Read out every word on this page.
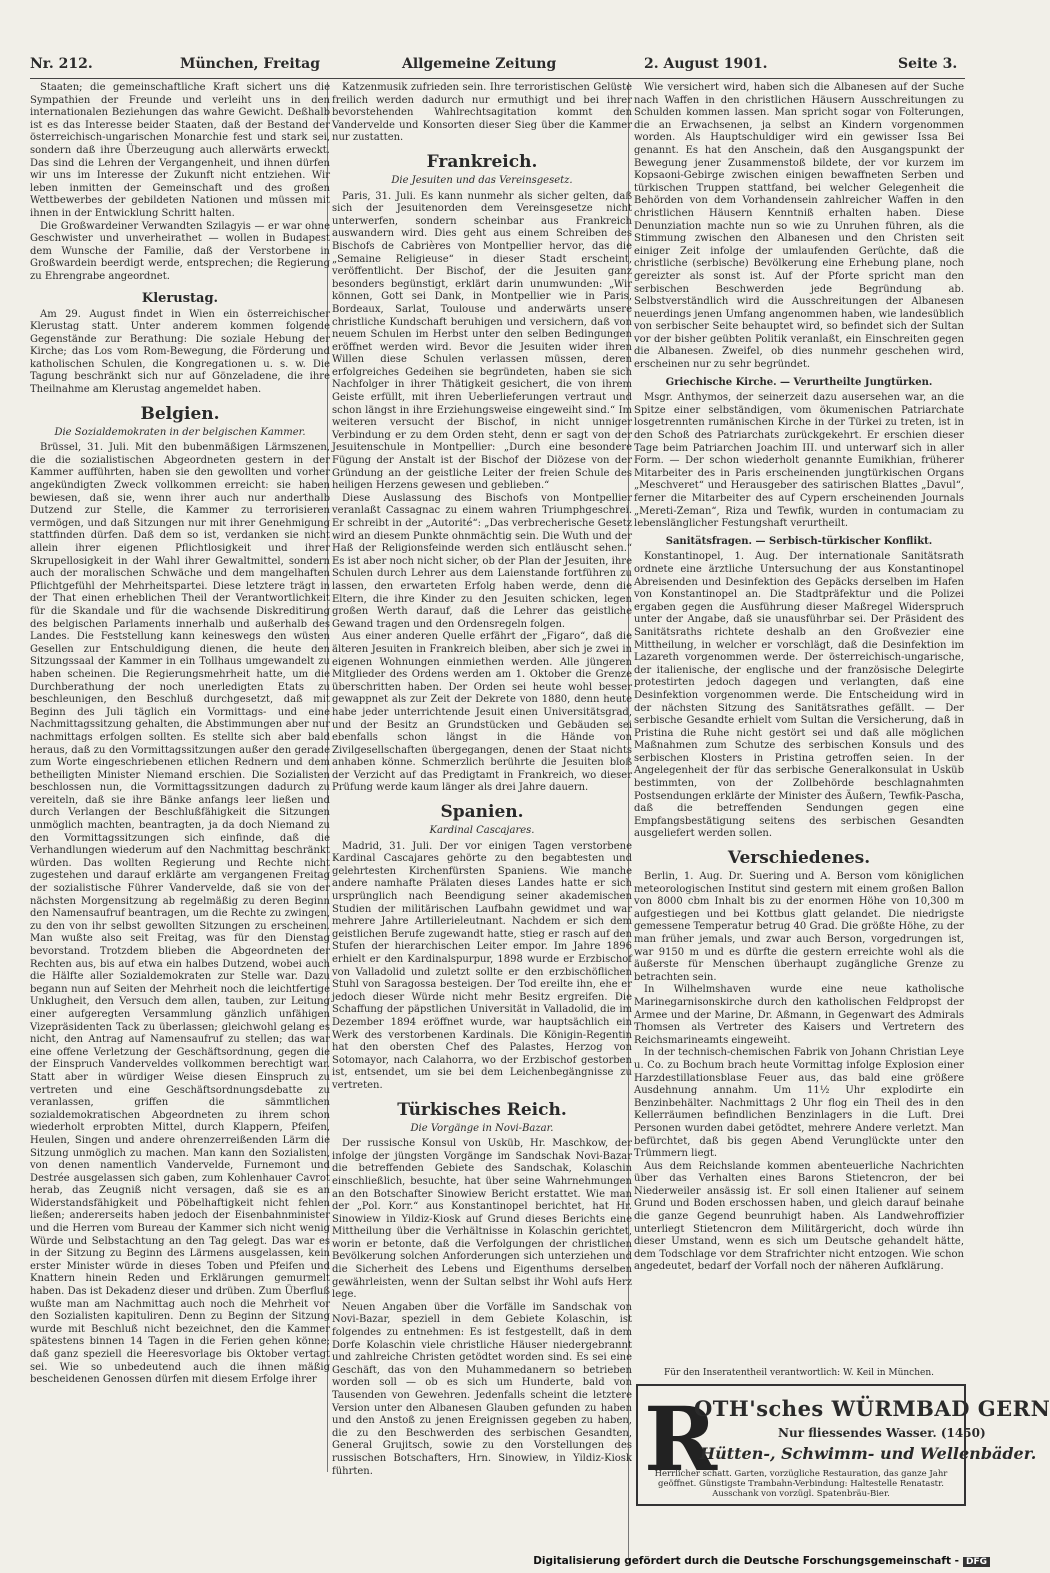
Nr. 212.	München, Freitag	Allgemeine Zeitung	2. August 1901.	Seite 3.

Staaten; die gemeinschaftliche Kraft sichert uns die Sympathien der Freunde und verleiht uns in den internationalen Beziehungen das wahre Gewicht. Deßhalb ist es das Interesse beider Staaten, daß der Bestand der österreichisch-ungarischen Monarchie fest und stark sei, sondern daß ihre Überzeugung auch allerwärts erweckt. Das sind die Lehren der Vergangenheit, und ihnen dürfen wir uns im Interesse der Zukunft nicht entziehen. Wir leben inmitten der Gemeinschaft und des großen Wettbewerbes der gebildeten Nationen und müssen mit ihnen in der Entwicklung Schritt halten.

Die Großwardeiner Verwandten Szilagyis — er war ohne Geschwister und unverheirathet — wollen in Budapest dem Wunsche der Familie, daß der Verstorbene in Großwardein beerdigt werde, entsprechen; die Regierung zu Ehrengrabe angeordnet.

Klerustag.

Am 29. August findet in Wien ein österreichischer Klerustag statt. Unter anderem kommen folgende Gegenstände zur Berathung: Die soziale Hebung der Kirche; das Los vom Rom-Bewegung, die Förderung und katholischen Schulen, die Kongregationen u. s. w. Die Tagung beschränkt sich nur auf Gönzeladene, die ihre Theilnahme am Klerustag angemeldet haben.

Belgien.
Die Sozialdemokraten in der belgischen Kammer.

Brüssel, 31. Juli. Mit den bubenmäßigen Lärmszenen, die die sozialistischen Abgeordneten gestern in der Kammer aufführten, haben sie den gewollten und vorher angekündigten Zweck vollkommen erreicht: sie haben bewiesen, daß sie, wenn ihrer auch nur anderthalb Dutzend zur Stelle, die Kammer zu terrorisieren vermögen, und daß Sitzungen nur mit ihrer Genehmigung stattfinden dürfen. Daß dem so ist, verdanken sie nicht allein ihrer eigenen Pflichtlosigkeit und ihrer Skrupellosigkeit in der Wahl ihrer Gewaltmittel, sondern auch der moralischen Schwäche und dem mangelhaften Pflichtgefühl der Mehrheitspartei. Diese letztere trägt in der That einen erheblichen Theil der Verantwortlichkeit für die Skandale und für die wachsende Diskreditirung des belgischen Parlaments innerhalb und außerhalb des Landes. Die Feststellung kann keineswegs den wüsten Gesellen zur Entschuldigung dienen, die heute den Sitzungssaal der Kammer in ein Tollhaus umgewandelt zu haben scheinen. Die Regierungsmehrheit hatte, um die Durchberathung der noch unerledigten Etats zu beschleunigen, den Beschluß durchgesetzt, daß mit Beginn des Juli täglich ein Vormittags- und eine Nachmittagssitzung gehalten, die Abstimmungen aber nur nachmittags erfolgen sollten. Es stellte sich aber bald heraus, daß zu den Vormittagssitzungen außer den gerade zum Worte eingeschriebenen etlichen Rednern und dem betheiligten Minister Niemand erschien. Die Sozialisten beschlossen nun, die Vormittagssitzungen dadurch zu vereiteln, daß sie ihre Bänke anfangs leer ließen und durch Verlangen der Beschlußfähigkeit die Sitzungen unmöglich machten, beantragten, ja da doch Niemand zu den Vormittagssitzungen sich einfinde, daß die Verhandlungen wiederum auf den Nachmittag beschränkt würden. Das wollten Regierung und Rechte nicht zugestehen und darauf erklärte am vergangenen Freitag der sozialistische Führer Vandervelde, daß sie von der nächsten Morgensitzung ab regelmäßig zu deren Beginn den Namensaufruf beantragen, um die Rechte zu zwingen, zu den von ihr selbst gewollten Sitzungen zu erscheinen. Man wußte also seit Freitag, was für den Dienstag bevorstand. Trotzdem blieben die Abgeordneten der Rechten aus, bis auf etwa ein halbes Dutzend, wobei auch die Hälfte aller Sozialdemokraten zur Stelle war. Dazu begann nun auf Seiten der Mehrheit noch die leichtfertige Unklugheit, den Versuch dem allen, tauben, zur Leitung einer aufgeregten Versammlung gänzlich unfähigen Vizepräsidenten Tack zu überlassen; gleichwohl gelang es nicht, den Antrag auf Namensaufruf zu stellen; das war eine offene Verletzung der Geschäftsordnung, gegen die der Einspruch Vanderveldes vollkommen berechtigt war. Statt aber in würdiger Weise diesen Einspruch zu vertreten und eine Geschäftsordnungsdebatte zu veranlassen, griffen die sämmtlichen sozialdemokratischen Abgeordneten zu ihrem schon wiederholt erprobten Mittel, durch Klappern, Pfeifen, Heulen, Singen und andere ohrenzerreißenden Lärm die Sitzung unmöglich zu machen. Man kann den Sozialisten, von denen namentlich Vandervelde, Furnemont und Destrée ausgelassen sich gaben, zum Kohlenhauer Cavrot herab, das Zeugniß nicht versagen, daß sie es an Widerstandsfähigkeit und Pöbelhaftigkeit nicht fehlen ließen; andererseits haben jedoch der Eisenbahnminister und die Herren vom Bureau der Kammer sich nicht wenig Würde und Selbstachtung an den Tag gelegt. Das war es in der Sitzung zu Beginn des Lärmens ausgelassen, kein erster Minister würde in dieses Toben und Pfeifen und Knattern hinein Reden und Erklärungen gemurmelt haben. Das ist Dekadenz dieser und drüben. Zum Überfluß wußte man am Nachmittag auch noch die Mehrheit vor den Sozialisten kapituliren. Denn zu Beginn der Sitzung wurde mit Beschluß nicht bezeichnet, den die Kammer spätestens binnen 14 Tagen in die Ferien gehen könne; daß ganz speziell die Heeresvorlage bis Oktober vertagt sei. Wie so unbedeutend auch die ihnen mäßig bescheidenen Genossen dürfen mit diesem Erfolge ihrer

Katzenmusik zufrieden sein. Ihre terroristischen Gelüste freilich werden dadurch nur ermuthigt und bei ihrer bevorstehenden Wahlrechtsagitation kommt den Vandervelde und Konsorten dieser Sieg über die Kammer nur zustatten.

Frankreich.
Die Jesuiten und das Vereinsgesetz.

Paris, 31. Juli. Es kann nunmehr als sicher gelten, daß sich der Jesuitenorden dem Vereinsgesetze nicht unterwerfen, sondern scheinbar aus Frankreich auswandern wird. Dies geht aus einem Schreiben des Bischofs de Cabrières von Montpellier hervor, das die „Semaine Religieuse“ in dieser Stadt erscheint, veröffentlicht. Der Bischof, der die Jesuiten ganz besonders begünstigt, erklärt darin unumwunden: „Wir können, Gott sei Dank, in Montpellier wie in Paris, Bordeaux, Sarlat, Toulouse und anderwärts unsere christliche Kundschaft beruhigen und versichern, daß von neuem Schulen im Herbst unter den selben Bedingungen eröffnet werden wird. Bevor die Jesuiten wider ihren Willen diese Schulen verlassen müssen, deren erfolgreiches Gedeihen sie begründeten, haben sie sich Nachfolger in ihrer Thätigkeit gesichert, die von ihrem Geiste erfüllt, mit ihren Ueberlieferungen vertraut und schon längst in ihre Erziehungsweise eingeweiht sind.“ Im weiteren versucht der Bischof, in nicht unniger Verbindung er zu dem Orden steht, denn er sagt von der Jesuitenschule in Montpellier: „Durch eine besondere Fügung der Anstalt ist der Bischof der Diözese von der Gründung an der geistliche Leiter der freien Schule des heiligen Herzens gewesen und geblieben.“

Diese Auslassung des Bischofs von Montpellier veranlaßt Cassagnac zu einem wahren Triumphgeschrei. Er schreibt in der „Autorité“: „Das verbrecherische Gesetz wird an diesem Punkte ohnmächtig sein. Die Wuth und der Haß der Religionsfeinde werden sich entläuscht sehen.“ Es ist aber noch nicht sicher, ob der Plan der Jesuiten, ihre Schulen durch Lehrer aus dem Laienstande fortführen zu lassen, den erwarteten Erfolg haben werde, denn die Eltern, die ihre Kinder zu den Jesuiten schicken, legen großen Werth darauf, daß die Lehrer das geistliche Gewand tragen und den Ordensregeln folgen.

Aus einer anderen Quelle erfährt der „Figaro“, daß die älteren Jesuiten in Frankreich bleiben, aber sich je zwei in eigenen Wohnungen einmiethen werden. Alle jüngeren Mitglieder des Ordens werden am 1. Oktober die Grenze überschritten haben. Der Orden sei heute wohl besser gewappnet als zur Zeit der Dekrete von 1880, denn heute habe jeder unterrichtende Jesuit einen Universitätsgrad, und der Besitz an Grundstücken und Gebäuden sei ebenfalls schon längst in die Hände von Zivilgesellschaften übergegangen, denen der Staat nichts anhaben könne. Schmerzlich berührte die Jesuiten bloß der Verzicht auf das Predigtamt in Frankreich, wo dieser Prüfung werde kaum länger als drei Jahre dauern.

Spanien.
Kardinal Cascajares.

Madrid, 31. Juli. Der vor einigen Tagen verstorbene Kardinal Cascajares gehörte zu den begabtesten und gelehrtesten Kirchenfürsten Spaniens. Wie manche andere namhafte Prälaten dieses Landes hatte er sich ursprünglich nach Beendigung seiner akademischen Studien der militärischen Laufbahn gewidmet und war mehrere Jahre Artillerieleutnant. Nachdem er sich dem geistlichen Berufe zugewandt hatte, stieg er rasch auf den Stufen der hierarchischen Leiter empor. Im Jahre 1896 erhielt er den Kardinalspurpur, 1898 wurde er Erzbischof von Valladolid und zuletzt sollte er den erzbischöflichen Stuhl von Saragossa besteigen. Der Tod ereilte ihn, ehe er jedoch dieser Würde nicht mehr Besitz ergreifen. Die Schaffung der päpstlichen Universität in Valladolid, die im Dezember 1894 eröffnet wurde, war hauptsächlich ein Werk des verstorbenen Kardinals. Die Königin-Regentin hat den obersten Chef des Palastes, Herzog von Sotomayor, nach Calahorra, wo der Erzbischof gestorben ist, entsendet, um sie bei dem Leichenbegängnisse zu vertreten.

Türkisches Reich.
Die Vorgänge in Novi-Bazar.

Der russische Konsul von Usküb, Hr. Maschkow, der infolge der jüngsten Vorgänge im Sandschak Novi-Bazar die betreffenden Gebiete des Sandschak, Kolaschin einschließlich, besuchte, hat über seine Wahrnehmungen an den Botschafter Sinowiew Bericht erstattet. Wie man der „Pol. Korr.“ aus Konstantinopel berichtet, hat Hr. Sinowiew in Yildiz-Kiosk auf Grund dieses Berichts eine Mittheilung über die Verhältnisse in Kolaschin gerichtet, worin er betonte, daß die Verfolgungen der christlichen Bevölkerung solchen Anforderungen sich unterziehen und die Sicherheit des Lebens und Eigenthums derselben gewährleisten, wenn der Sultan selbst ihr Wohl aufs Herz lege.

Neuen Angaben über die Vorfälle im Sandschak von Novi-Bazar, speziell in dem Gebiete Kolaschin, ist folgendes zu entnehmen: Es ist festgestellt, daß in dem Dorfe Kolaschin viele christliche Häuser niedergebrannt und zahlreiche Christen getödtet worden sind. Es sei eine Geschäft, das von den Muhammedanern so betrieben worden soll — ob es sich um Hunderte, bald von Tausenden von Gewehren. Jedenfalls scheint die letztere Version unter den Albanesen Glauben gefunden zu haben und den Anstoß zu jenen Ereignissen gegeben zu haben, die zu den Beschwerden des serbischen Gesandten, General Grujitsch, sowie zu den Vorstellungen des russischen Botschafters, Hrn. Sinowiew, in Yildiz-Kiosk führten.

Wie versichert wird, haben sich die Albanesen auf der Suche nach Waffen in den christlichen Häusern Ausschreitungen zu Schulden kommen lassen. Man spricht sogar von Folterungen, die an Erwachsenen, ja selbst an Kindern vorgenommen worden. Als Hauptschuldiger wird ein gewisser Issa Bei genannt. Es hat den Anschein, daß den Ausgangspunkt der Bewegung jener Zusammenstoß bildete, der vor kurzem im Kopsaoni-Gebirge zwischen einigen bewaffneten Serben und türkischen Truppen stattfand, bei welcher Gelegenheit die Behörden von dem Vorhandensein zahlreicher Waffen in den christlichen Häusern Kenntniß erhalten haben. Diese Denunziation machte nun so wie zu Unruhen führen, als die Stimmung zwischen den Albanesen und den Christen seit einiger Zeit infolge der umlaufenden Gerüchte, daß die christliche (serbische) Bevölkerung eine Erhebung plane, noch gereizter als sonst ist. Auf der Pforte spricht man den serbischen Beschwerden jede Begründung ab. Selbstverständlich wird die Ausschreitungen der Albanesen neuerdings jenen Umfang angenommen haben, wie landesüblich von serbischer Seite behauptet wird, so befindet sich der Sultan vor der bisher geübten Politik veranlaßt, ein Einschreiten gegen die Albanesen. Zweifel, ob dies nunmehr geschehen wird, erscheinen nur zu sehr begründet.

Griechische Kirche. — Verurtheilte Jungtürken.

Msgr. Anthymos, der seinerzeit dazu ausersehen war, an die Spitze einer selbständigen, vom ökumenischen Patriarchate losgetrennten rumänischen Kirche in der Türkei zu treten, ist in den Schoß des Patriarchats zurückgekehrt. Er erschien dieser Tage beim Patriarchen Joachim III. und unterwarf sich in aller Form. — Der schon wiederholt genannte Eumikhian, früherer Mitarbeiter des in Paris erscheinenden jungtürkischen Organs „Meschveret“ und Herausgeber des satirischen Blattes „Davul“, ferner die Mitarbeiter des auf Cypern erscheinenden Journals „Mereti-Zeman“, Riza und Tewfik, wurden in contumaciam zu lebenslänglicher Festungshaft verurtheilt.

Sanitätsfragen. — Serbisch-türkischer Konflikt.

Konstantinopel, 1. Aug. Der internationale Sanitätsrath ordnete eine ärztliche Untersuchung der aus Konstantinopel Abreisenden und Desinfektion des Gepäcks derselben im Hafen von Konstantinopel an. Die Stadtpräfektur und die Polizei ergaben gegen die Ausführung dieser Maßregel Widerspruch unter der Angabe, daß sie unausführbar sei. Der Präsident des Sanitätsraths richtete deshalb an den Großvezier eine Mittheilung, in welcher er vorschlägt, daß die Desinfektion im Lazareth vorgenommen werde. Der österreichisch-ungarische, der italienische, der englische und der französische Delegirte protestirten jedoch dagegen und verlangten, daß eine Desinfektion vorgenommen werde. Die Entscheidung wird in der nächsten Sitzung des Sanitätsrathes gefällt. — Der serbische Gesandte erhielt vom Sultan die Versicherung, daß in Pristina die Ruhe nicht gestört sei und daß alle möglichen Maßnahmen zum Schutze des serbischen Konsuls und des serbischen Klosters in Pristina getroffen seien. In der Angelegenheit der für das serbische Generalkonsulat in Usküb bestimmten, von der Zollbehörde beschlagnahmten Postsendungen erklärte der Minister des Äußern, Tewfik-Pascha, daß die betreffenden Sendungen gegen eine Empfangsbestätigung seitens des serbischen Gesandten ausgeliefert werden sollen.

Verschiedenes.

Berlin, 1. Aug. Dr. Suering und A. Berson vom königlichen meteorologischen Institut sind gestern mit einem großen Ballon von 8000 cbm Inhalt bis zu der enormen Höhe von 10,300 m aufgestiegen und bei Kottbus glatt gelandet. Die niedrigste gemessene Temperatur betrug 40 Grad. Die größte Höhe, zu der man früher jemals, und zwar auch Berson, vorgedrungen ist, war 9150 m und es dürfte die gestern erreichte wohl als die äußerste für Menschen überhaupt zugängliche Grenze zu betrachten sein.

In Wilhelmshaven wurde eine neue katholische Marinegarnisonskirche durch den katholischen Feldpropst der Armee und der Marine, Dr. Aßmann, in Gegenwart des Admirals Thomsen als Vertreter des Kaisers und Vertretern des Reichsmarineamts eingeweiht.

In der technisch-chemischen Fabrik von Johann Christian Leye u. Co. zu Bochum brach heute Vormittag infolge Explosion einer Harzdestillationsblase Feuer aus, das bald eine größere Ausdehnung annahm. Um 11½ Uhr explodirte ein Benzinbehälter. Nachmittags 2 Uhr flog ein Theil des in den Kellerräumen befindlichen Benzinlagers in die Luft. Drei Personen wurden dabei getödtet, mehrere Andere verletzt. Man befürchtet, daß bis gegen Abend Verunglückte unter den Trümmern liegt.

Aus dem Reichslande kommen abenteuerliche Nachrichten über das Verhalten eines Barons Stietencron, der bei Niederweiler ansässig ist. Er soll einen Italiener auf seinem Grund und Boden erschossen haben, und gleich darauf beinahe die ganze Gegend beunruhigt haben. Als Landwehroffizier unterliegt Stietencron dem Militärgericht, doch würde ihn dieser Umstand, wenn es sich um Deutsche gehandelt hätte, dem Todschlage vor dem Strafrichter nicht entzogen. Wie schon angedeutet, bedarf der Vorfall noch der näheren Aufklärung.

Für den Inseratentheil verantwortlich: W. Keil in München.
R
OTH'sches WÜRMBAD GERN
Nur fliessendes Wasser. (1450)
Hütten-, Schwimm- und Wellenbäder.
Herrlicher schatt. Garten, vorzügliche Restauration, das ganze Jahr geöffnet. Günstigste Trambahn-Verbindung: Haltestelle Renatastr. Ausschank von vorzügl. Spatenbräu-Bier.
Digitalisierung gefördert durch die Deutsche Forschungsgemeinschaft - DFG
